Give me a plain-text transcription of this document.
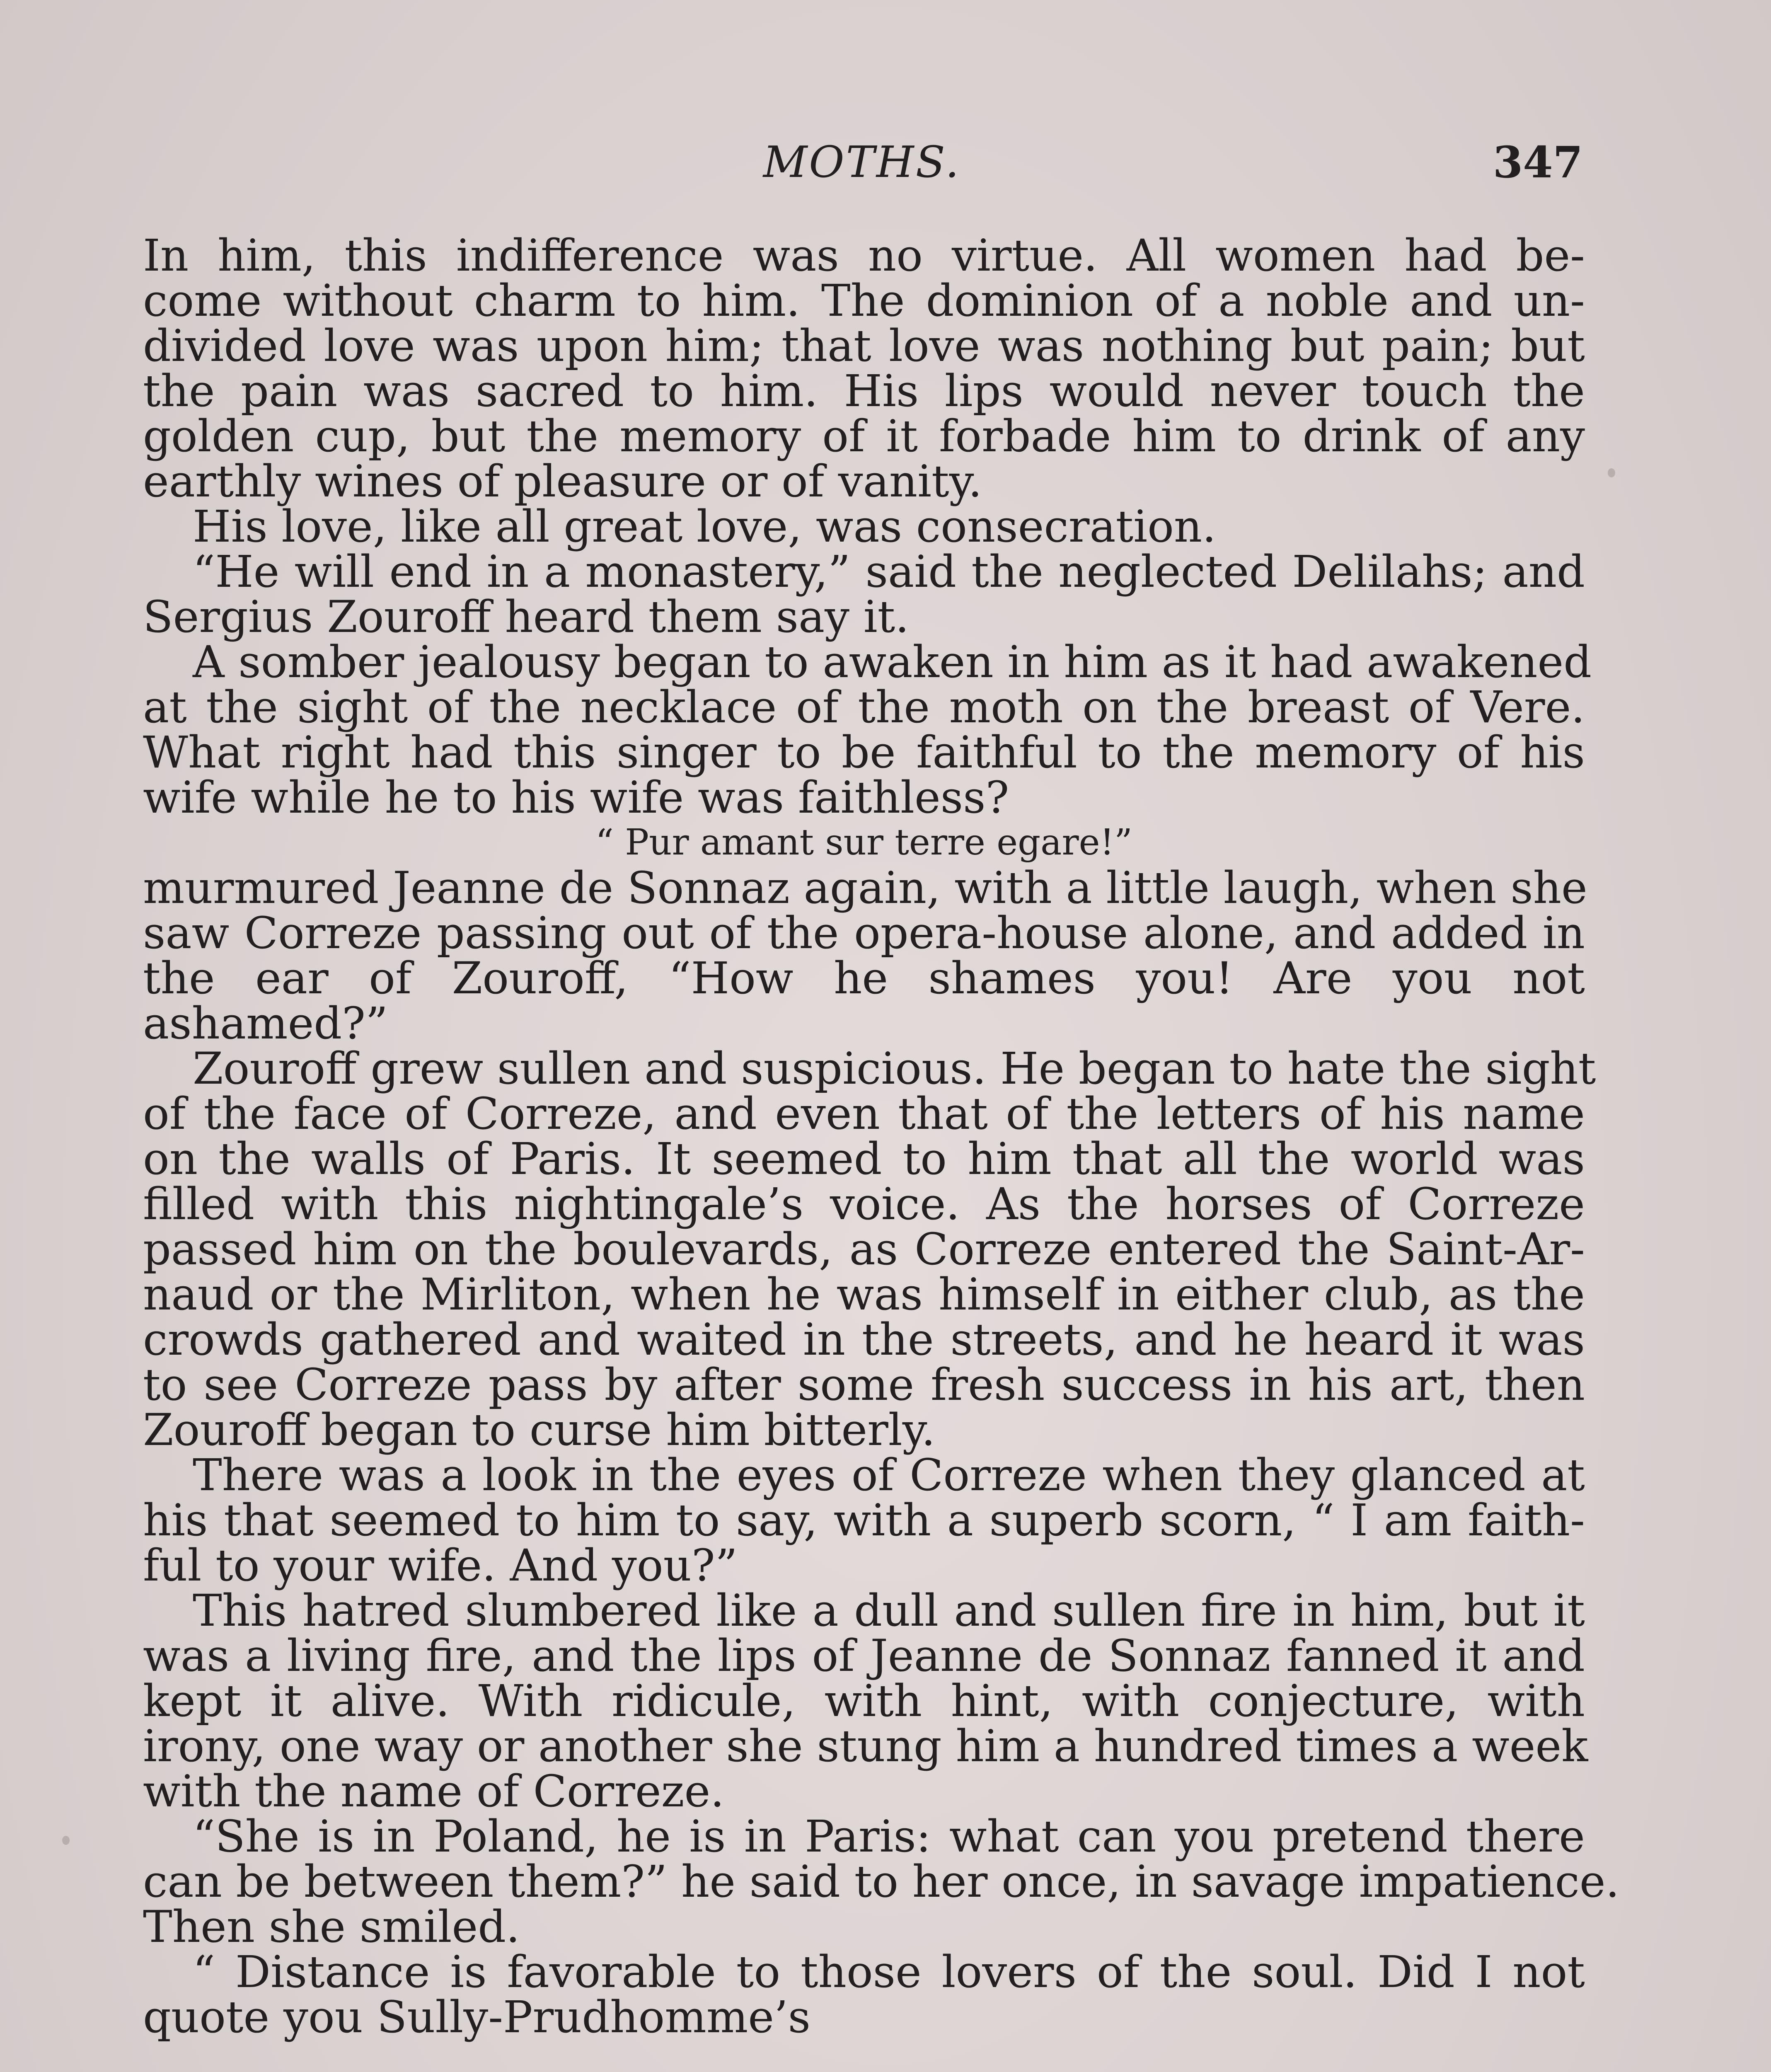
MOTHS.	347
In him, this indifference was no virtue. All women had be-
come without charm to him. The dominion of a noble and un-
divided love was upon him; that love was nothing but pain; but
the pain was sacred to him. His lips would never touch the
golden cup, but the memory of it forbade him to drink of any
earthly wines of pleasure or of vanity.
His love, like all great love, was consecration.
“He will end in a monastery,” said the neglected Delilahs; and
Sergius Zouroff heard them say it.
A somber jealousy began to awaken in him as it had awakened
at the sight of the necklace of the moth on the breast of Vere.
What right had this singer to be faithful to the memory of his
wife while he to his wife was faithless?
“ Pur amant sur terre egare!”
murmured Jeanne de Sonnaz again, with a little laugh, when she
saw Correze passing out of the opera-house alone, and added in
the ear of Zouroff, “How he shames you! Are you not
ashamed?”
Zouroff grew sullen and suspicious. He began to hate the sight
of the face of Correze, and even that of the letters of his name
on the walls of Paris. It seemed to him that all the world was
filled with this nightingale’s voice. As the horses of Correze
passed him on the boulevards, as Correze entered the Saint-Ar-
naud or the Mirliton, when he was himself in either club, as the
crowds gathered and waited in the streets, and he heard it was
to see Correze pass by after some fresh success in his art, then
Zouroff began to curse him bitterly.
There was a look in the eyes of Correze when they glanced at
his that seemed to him to say, with a superb scorn, “ I am faith-
ful to your wife. And you?”
This hatred slumbered like a dull and sullen fire in him, but it
was a living fire, and the lips of Jeanne de Sonnaz fanned it and
kept it alive. With ridicule, with hint, with conjecture, with
irony, one way or another she stung him a hundred times a week
with the name of Correze.
“She is in Poland, he is in Paris: what can you pretend there
can be between them?” he said to her once, in savage impatience.
Then she smiled.
“ Distance is favorable to those lovers of the soul. Did I not
quote you Sully-Prudhomme’s
